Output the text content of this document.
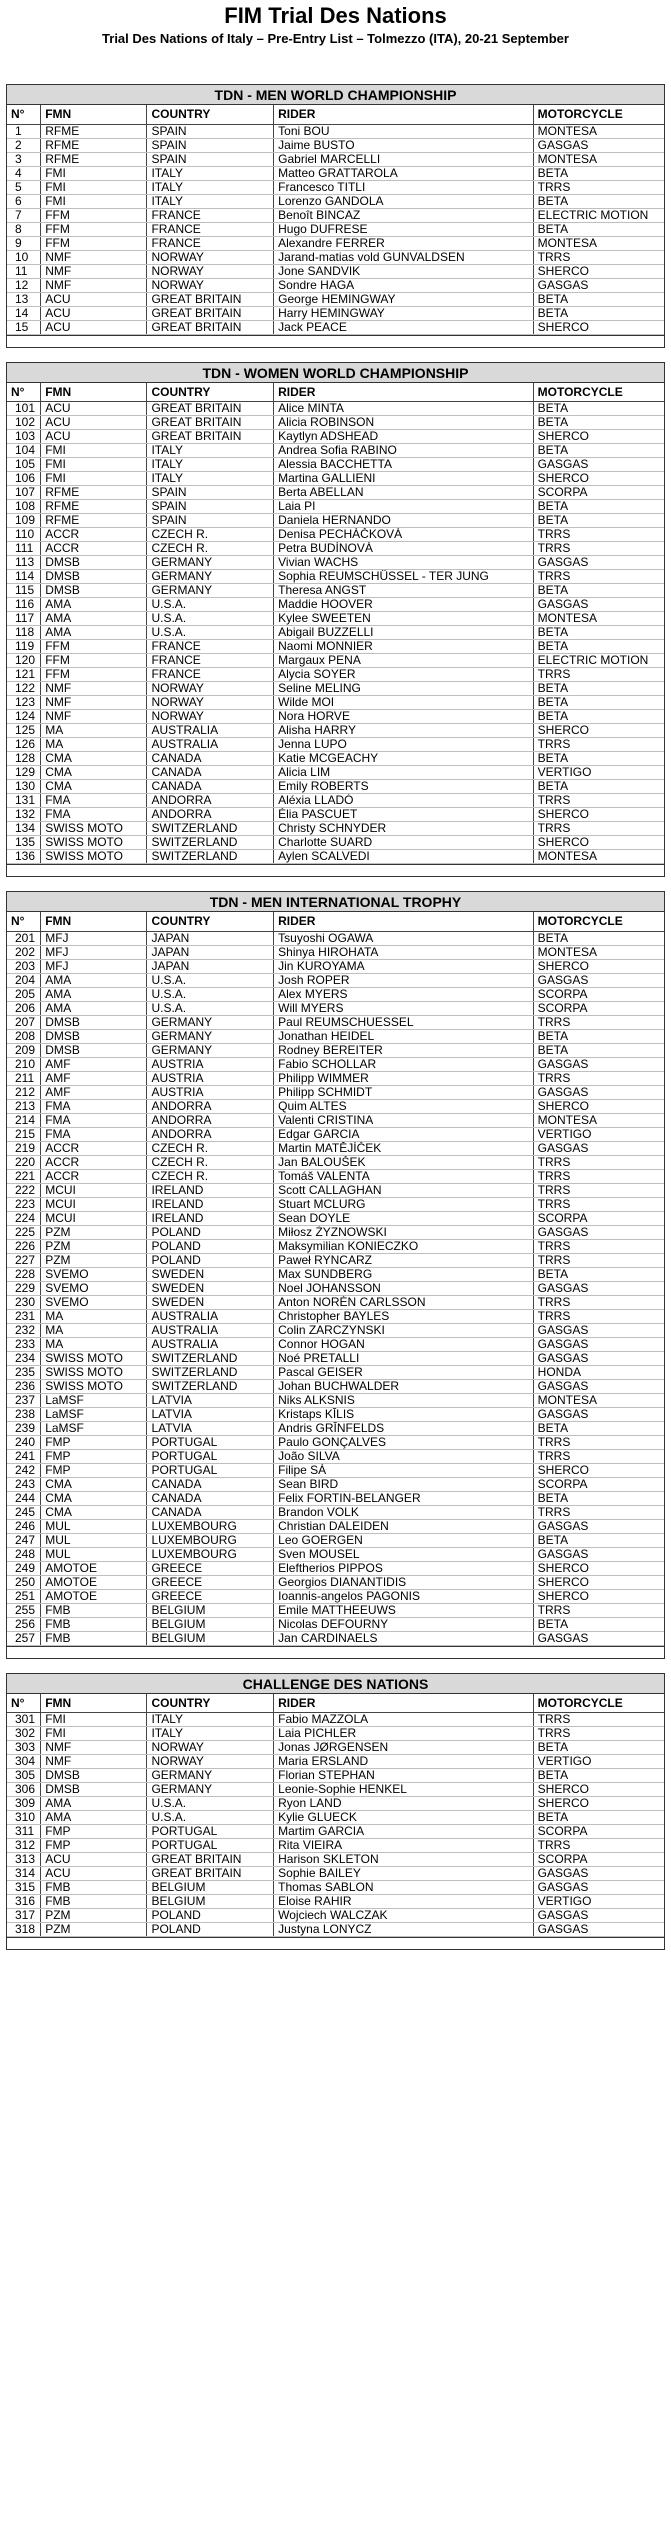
FIM Trial Des Nations
Trial Des Nations of Italy – Pre-Entry List – Tolmezzo (ITA), 20-21 September
TDN - MEN WORLD CHAMPIONSHIP
N°	FMN	COUNTRY	RIDER	MOTORCYCLE
1	RFME	SPAIN	Toni BOU	MONTESA
2	RFME	SPAIN	Jaime BUSTO	GASGAS
3	RFME	SPAIN	Gabriel MARCELLI	MONTESA
4	FMI	ITALY	Matteo GRATTAROLA	BETA
5	FMI	ITALY	Francesco TITLI	TRRS
6	FMI	ITALY	Lorenzo GANDOLA	BETA
7	FFM	FRANCE	Benoît BINCAZ	ELECTRIC MOTION
8	FFM	FRANCE	Hugo DUFRESE	BETA
9	FFM	FRANCE	Alexandre FERRER	MONTESA
10	NMF	NORWAY	Jarand-matias vold GUNVALDSEN	TRRS
11	NMF	NORWAY	Jone SANDVIK	SHERCO
12	NMF	NORWAY	Sondre HAGA	GASGAS
13	ACU	GREAT BRITAIN	George HEMINGWAY	BETA
14	ACU	GREAT BRITAIN	Harry HEMINGWAY	BETA
15	ACU	GREAT BRITAIN	Jack PEACE	SHERCO
TDN - WOMEN WORLD CHAMPIONSHIP
N°	FMN	COUNTRY	RIDER	MOTORCYCLE
101	ACU	GREAT BRITAIN	Alice MINTA	BETA
102	ACU	GREAT BRITAIN	Alicia ROBINSON	BETA
103	ACU	GREAT BRITAIN	Kaytlyn ADSHEAD	SHERCO
104	FMI	ITALY	Andrea Sofia RABINO	BETA
105	FMI	ITALY	Alessia BACCHETTA	GASGAS
106	FMI	ITALY	Martina GALLIENI	SHERCO
107	RFME	SPAIN	Berta ABELLAN	SCORPA
108	RFME	SPAIN	Laia PI	BETA
109	RFME	SPAIN	Daniela HERNANDO	BETA
110	ACCR	CZECH R.	Denisa PECHÁČKOVÁ	TRRS
111	ACCR	CZECH R.	Petra BUDÍNOVÁ	TRRS
113	DMSB	GERMANY	Vivian WACHS	GASGAS
114	DMSB	GERMANY	Sophia REUMSCHÜSSEL - TER JUNG	TRRS
115	DMSB	GERMANY	Theresa ANGST	BETA
116	AMA	U.S.A.	Maddie HOOVER	GASGAS
117	AMA	U.S.A.	Kylee SWEETEN	MONTESA
118	AMA	U.S.A.	Abigail BUZZELLI	BETA
119	FFM	FRANCE	Naomi MONNIER	BETA
120	FFM	FRANCE	Margaux PENA	ELECTRIC MOTION
121	FFM	FRANCE	Alycia SOYER	TRRS
122	NMF	NORWAY	Seline MELING	BETA
123	NMF	NORWAY	Wilde MOI	BETA
124	NMF	NORWAY	Nora HORVE	BETA
125	MA	AUSTRALIA	Alisha HARRY	SHERCO
126	MA	AUSTRALIA	Jenna LUPO	TRRS
128	CMA	CANADA	Katie MCGEACHY	BETA
129	CMA	CANADA	Alicia LIM	VERTIGO
130	CMA	CANADA	Emily ROBERTS	BETA
131	FMA	ANDORRA	Aléxia LLADÓ	TRRS
132	FMA	ANDORRA	Èlia PASCUET	SHERCO
134	SWISS MOTO	SWITZERLAND	Christy SCHNYDER	TRRS
135	SWISS MOTO	SWITZERLAND	Charlotte SUARD	SHERCO
136	SWISS MOTO	SWITZERLAND	Aylen SCALVEDI	MONTESA
TDN - MEN INTERNATIONAL TROPHY
N°	FMN	COUNTRY	RIDER	MOTORCYCLE
201	MFJ	JAPAN	Tsuyoshi OGAWA	BETA
202	MFJ	JAPAN	Shinya HIROHATA	MONTESA
203	MFJ	JAPAN	Jin KUROYAMA	SHERCO
204	AMA	U.S.A.	Josh ROPER	GASGAS
205	AMA	U.S.A.	Alex MYERS	SCORPA
206	AMA	U.S.A.	Will MYERS	SCORPA
207	DMSB	GERMANY	Paul REUMSCHUESSEL	TRRS
208	DMSB	GERMANY	Jonathan HEIDEL	BETA
209	DMSB	GERMANY	Rodney BEREITER	BETA
210	AMF	AUSTRIA	Fabio SCHOLLAR	GASGAS
211	AMF	AUSTRIA	Philipp WIMMER	TRRS
212	AMF	AUSTRIA	Philipp SCHMIDT	GASGAS
213	FMA	ANDORRA	Quim ALTES	SHERCO
214	FMA	ANDORRA	Valenti CRISTINA	MONTESA
215	FMA	ANDORRA	Edgar GARCIA	VERTIGO
219	ACCR	CZECH R.	Martin MATĚJÍČEK	GASGAS
220	ACCR	CZECH R.	Jan BALOUŠEK	TRRS
221	ACCR	CZECH R.	Tomáš VALENTA	TRRS
222	MCUI	IRELAND	Scott CALLAGHAN	TRRS
223	MCUI	IRELAND	Stuart MCLURG	TRRS
224	MCUI	IRELAND	Sean DOYLE	SCORPA
225	PZM	POLAND	Miłosz ŻYZNOWSKI	GASGAS
226	PZM	POLAND	Maksymilian KONIECZKO	TRRS
227	PZM	POLAND	Paweł RYNCARZ	TRRS
228	SVEMO	SWEDEN	Max SUNDBERG	BETA
229	SVEMO	SWEDEN	Noel JOHANSSON	GASGAS
230	SVEMO	SWEDEN	Anton NORÉN CARLSSON	TRRS
231	MA	AUSTRALIA	Christopher BAYLES	TRRS
232	MA	AUSTRALIA	Colin ZARCZYNSKI	GASGAS
233	MA	AUSTRALIA	Connor HOGAN	GASGAS
234	SWISS MOTO	SWITZERLAND	Noé PRETALLI	GASGAS
235	SWISS MOTO	SWITZERLAND	Pascal GEISER	HONDA
236	SWISS MOTO	SWITZERLAND	Johan BUCHWALDER	GASGAS
237	LaMSF	LATVIA	Niks ALKSNIS	MONTESA
238	LaMSF	LATVIA	Kristaps KĪLIS	GASGAS
239	LaMSF	LATVIA	Andris GRĪNFELDS	BETA
240	FMP	PORTUGAL	Paulo GONÇALVES	TRRS
241	FMP	PORTUGAL	João SILVA	TRRS
242	FMP	PORTUGAL	Filipe SÁ	SHERCO
243	CMA	CANADA	Sean BIRD	SCORPA
244	CMA	CANADA	Felix FORTIN-BELANGER	BETA
245	CMA	CANADA	Brandon VOLK	TRRS
246	MUL	LUXEMBOURG	Christian DALEIDEN	GASGAS
247	MUL	LUXEMBOURG	Leo GOERGEN	BETA
248	MUL	LUXEMBOURG	Sven MOUSEL	GASGAS
249	AMOTOE	GREECE	Eleftherios PIPPOS	SHERCO
250	AMOTOE	GREECE	Georgios DIANANTIDIS	SHERCO
251	AMOTOE	GREECE	Ioannis-angelos PAGONIS	SHERCO
255	FMB	BELGIUM	Emile MATTHEEUWS	TRRS
256	FMB	BELGIUM	Nicolas DEFOURNY	BETA
257	FMB	BELGIUM	Jan CARDINAELS	GASGAS
CHALLENGE DES NATIONS
N°	FMN	COUNTRY	RIDER	MOTORCYCLE
301	FMI	ITALY	Fabio MAZZOLA	TRRS
302	FMI	ITALY	Laia PICHLER	TRRS
303	NMF	NORWAY	Jonas JØRGENSEN	BETA
304	NMF	NORWAY	Maria ERSLAND	VERTIGO
305	DMSB	GERMANY	Florian STEPHAN	BETA
306	DMSB	GERMANY	Leonie-Sophie HENKEL	SHERCO
309	AMA	U.S.A.	Ryon LAND	SHERCO
310	AMA	U.S.A.	Kylie GLUECK	BETA
311	FMP	PORTUGAL	Martim GARCIA	SCORPA
312	FMP	PORTUGAL	Rita VIEIRA	TRRS
313	ACU	GREAT BRITAIN	Harison SKLETON	SCORPA
314	ACU	GREAT BRITAIN	Sophie BAILEY	GASGAS
315	FMB	BELGIUM	Thomas SABLON	GASGAS
316	FMB	BELGIUM	Eloise RAHIR	VERTIGO
317	PZM	POLAND	Wojciech WALCZAK	GASGAS
318	PZM	POLAND	Justyna LONYCZ	GASGAS
